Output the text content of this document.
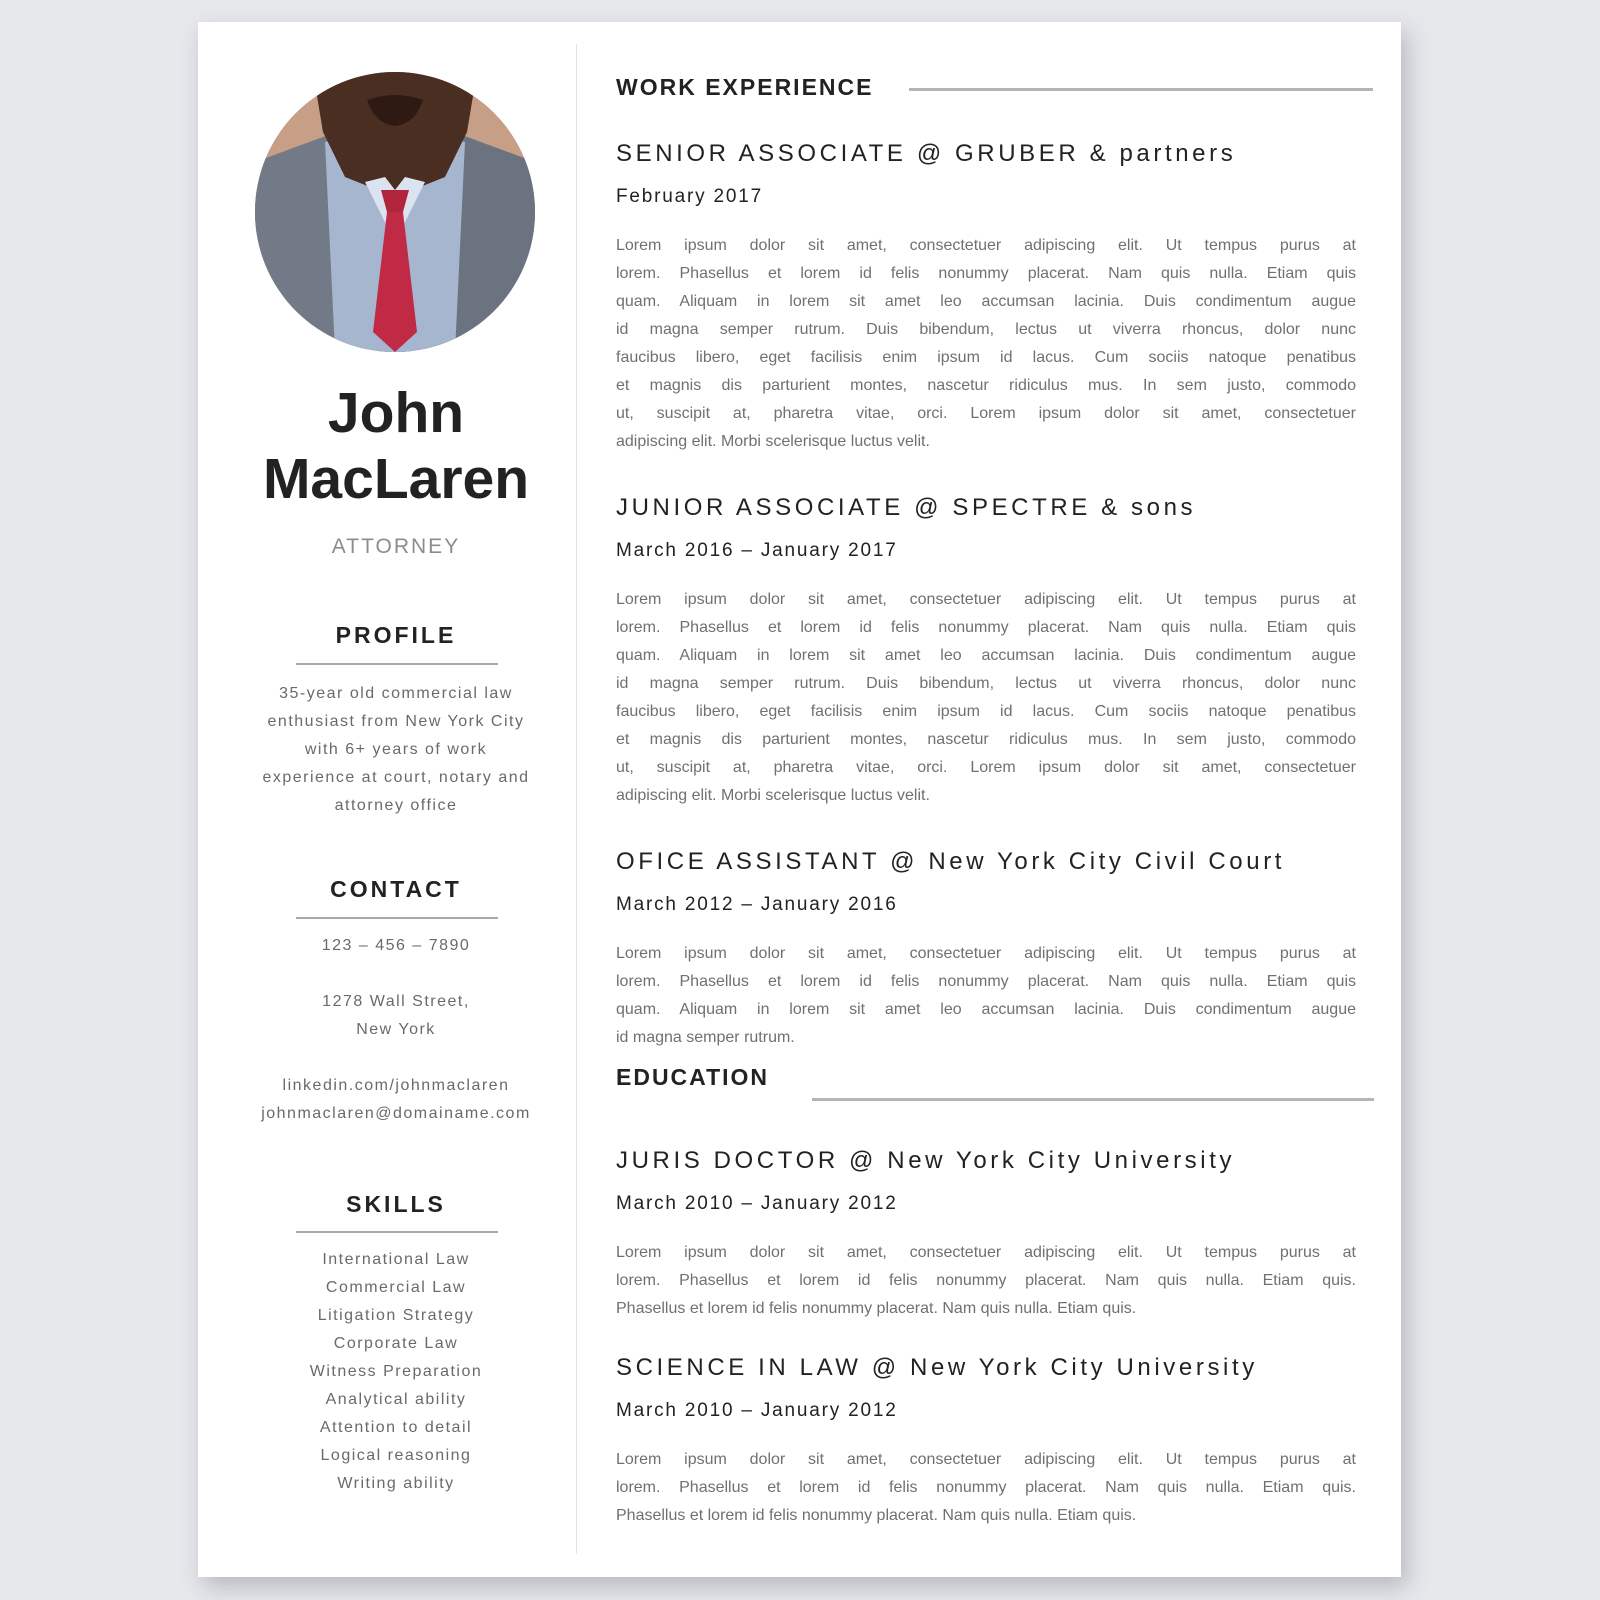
John
MacLaren
ATTORNEY
PROFILE
35-year old commercial law
enthusiast from New York City
with 6+ years of work
experience at court, notary and
attorney office
CONTACT
123 – 456 – 7890
1278 Wall Street,
New York
linkedin.com/johnmaclaren
johnmaclaren@domainame.com
SKILLS
International Law
Commercial Law
Litigation Strategy
Corporate Law
Witness Preparation
Analytical ability
Attention to detail
Logical reasoning
Writing ability
WORK EXPERIENCE
SENIOR ASSOCIATE @ GRUBER & partners
February 2017
Lorem ipsum dolor sit amet, consectetuer adipiscing elit. Ut tempus purus at
lorem. Phasellus et lorem id felis nonummy placerat. Nam quis nulla. Etiam quis
quam. Aliquam in lorem sit amet leo accumsan lacinia. Duis condimentum augue
id magna semper rutrum. Duis bibendum, lectus ut viverra rhoncus, dolor nunc
faucibus libero, eget facilisis enim ipsum id lacus. Cum sociis natoque penatibus
et magnis dis parturient montes, nascetur ridiculus mus. In sem justo, commodo
ut, suscipit at, pharetra vitae, orci. Lorem ipsum dolor sit amet, consectetuer
adipiscing elit. Morbi scelerisque luctus velit.
JUNIOR ASSOCIATE @ SPECTRE & sons
March 2016 – January 2017
Lorem ipsum dolor sit amet, consectetuer adipiscing elit. Ut tempus purus at
lorem. Phasellus et lorem id felis nonummy placerat. Nam quis nulla. Etiam quis
quam. Aliquam in lorem sit amet leo accumsan lacinia. Duis condimentum augue
id magna semper rutrum. Duis bibendum, lectus ut viverra rhoncus, dolor nunc
faucibus libero, eget facilisis enim ipsum id lacus. Cum sociis natoque penatibus
et magnis dis parturient montes, nascetur ridiculus mus. In sem justo, commodo
ut, suscipit at, pharetra vitae, orci. Lorem ipsum dolor sit amet, consectetuer
adipiscing elit. Morbi scelerisque luctus velit.
OFICE ASSISTANT @ New York City Civil Court
March 2012 – January 2016
Lorem ipsum dolor sit amet, consectetuer adipiscing elit. Ut tempus purus at
lorem. Phasellus et lorem id felis nonummy placerat. Nam quis nulla. Etiam quis
quam. Aliquam in lorem sit amet leo accumsan lacinia. Duis condimentum augue
id magna semper rutrum.
EDUCATION
JURIS DOCTOR @ New York City University
March 2010 – January 2012
Lorem ipsum dolor sit amet, consectetuer adipiscing elit. Ut tempus purus at
lorem. Phasellus et lorem id felis nonummy placerat. Nam quis nulla. Etiam quis.
Phasellus et lorem id felis nonummy placerat. Nam quis nulla. Etiam quis.
SCIENCE IN LAW @ New York City University
March 2010 – January 2012
Lorem ipsum dolor sit amet, consectetuer adipiscing elit. Ut tempus purus at
lorem. Phasellus et lorem id felis nonummy placerat. Nam quis nulla. Etiam quis.
Phasellus et lorem id felis nonummy placerat. Nam quis nulla. Etiam quis.
